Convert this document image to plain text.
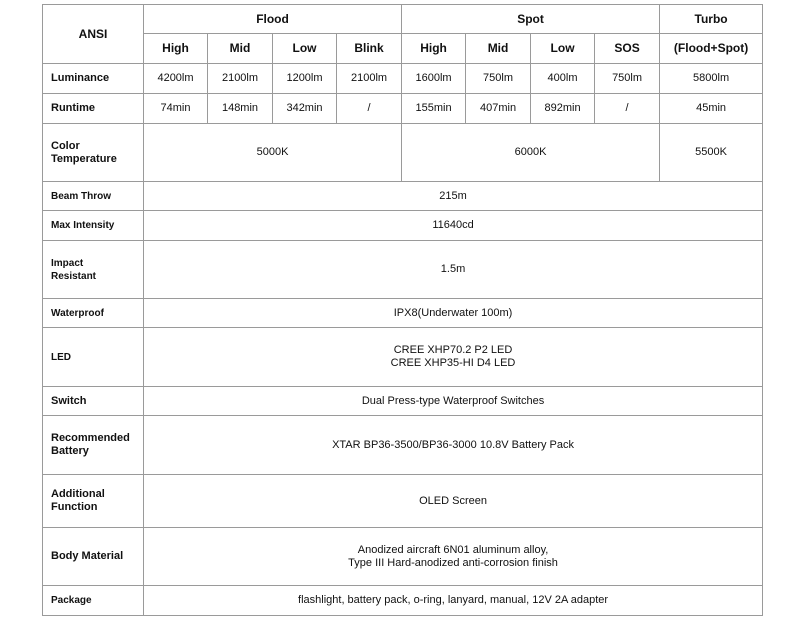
ANSI	Flood				Spot				Turbo
	High	Mid	Low	Blink	High	Mid	Low	SOS	(Flood+Spot)
Luminance	4200lm	2100lm	1200lm	2100lm	1600lm	750lm	400lm	750lm	5800lm
Runtime	74min	148min	342min	/	155min	407min	892min	/	45min

Color
Temperature	5000K				6000K				5500K
Beam Throw	215m								
Max Intensity	11640cd								

Impact
Resistant	1.5m								
Waterproof	IPX8(Underwater 100m)								
LED	CREE XHP70.2 P2 LED
CREE XHP35-HI D4 LED								

Switch	Dual Press-type Waterproof Switches								

Recommended
Battery	XTAR BP36-3500/BP36-3000 10.8V Battery Pack								

Additional
Function	OLED Screen								
Body Material	Anodized aircraft 6N01 aluminum alloy,
Type III Hard-anodized anti-corrosion finish								

Package	flashlight, battery pack, o-ring, lanyard, manual, 12V 2A adapter								
